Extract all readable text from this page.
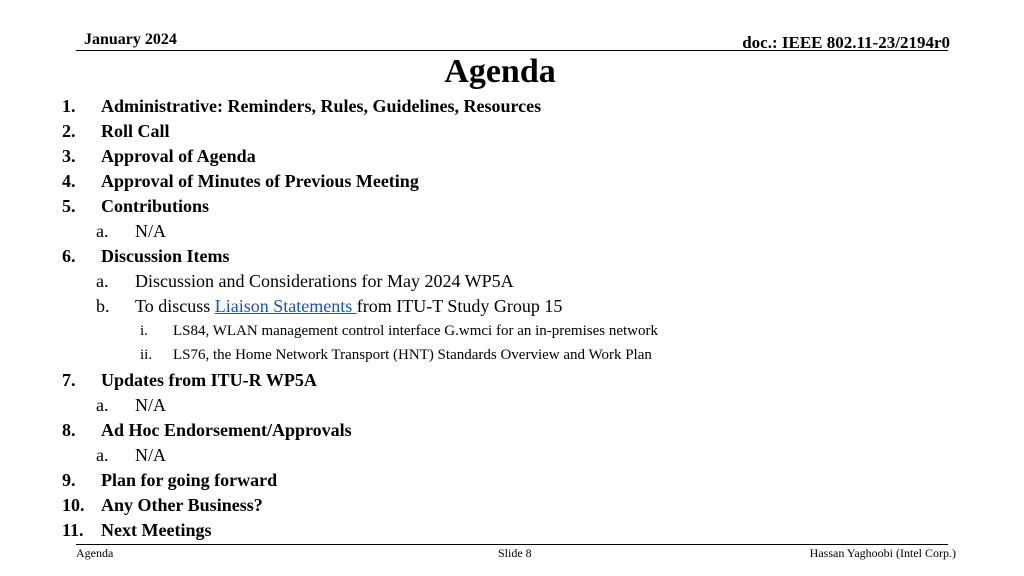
January 2024	doc.: IEEE 802.11-23/2194r0
Agenda
1. Administrative: Reminders, Rules, Guidelines, Resources
2. Roll Call
3. Approval of Agenda
4. Approval of Minutes of Previous Meeting
5. Contributions
a. N/A
6. Discussion Items
a. Discussion and Considerations for May 2024 WP5A
b. To discuss Liaison Statements from ITU-T Study Group 15
i. LS84, WLAN management control interface G.wmci for an in-premises network
ii. LS76, the Home Network Transport (HNT) Standards Overview and Work Plan
7. Updates from ITU-R WP5A
a. N/A
8. Ad Hoc Endorsement/Approvals
a. N/A
9. Plan for going forward
10. Any Other Business?
11. Next Meetings
Agenda	Slide 8	Hassan Yaghoobi (Intel Corp.)
